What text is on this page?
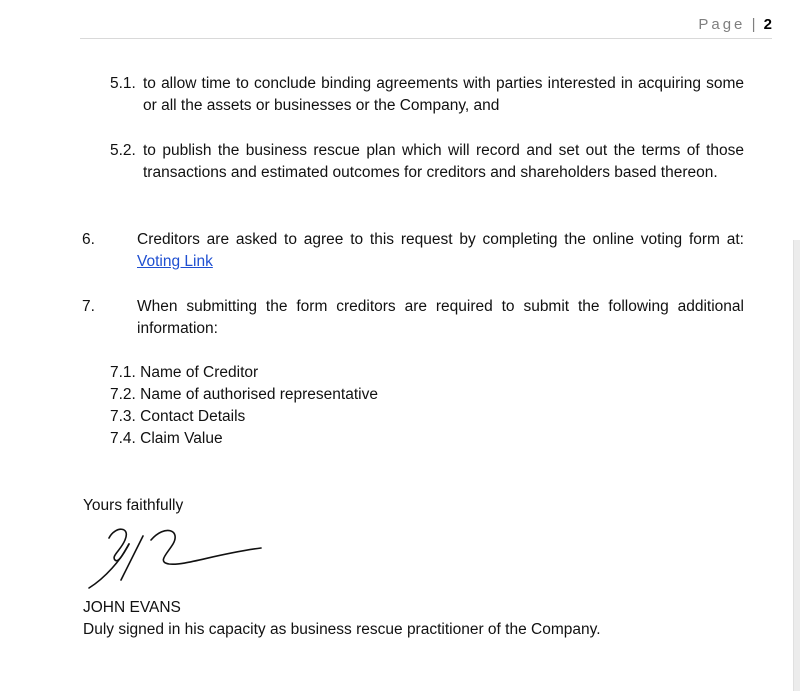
Page | 2
5.1. to allow time to conclude binding agreements with parties interested in acquiring some or all the assets or businesses or the Company, and
5.2. to publish the business rescue plan which will record and set out the terms of those transactions and estimated outcomes for creditors and shareholders based thereon.
6.	Creditors are asked to agree to this request by completing the online voting form at: Voting Link
7.	When submitting the form creditors are required to submit the following additional information:
7.1. Name of Creditor
7.2. Name of authorised representative
7.3. Contact Details
7.4. Claim Value
Yours faithfully
JOHN EVANS
Duly signed in his capacity as business rescue practitioner of the Company.
